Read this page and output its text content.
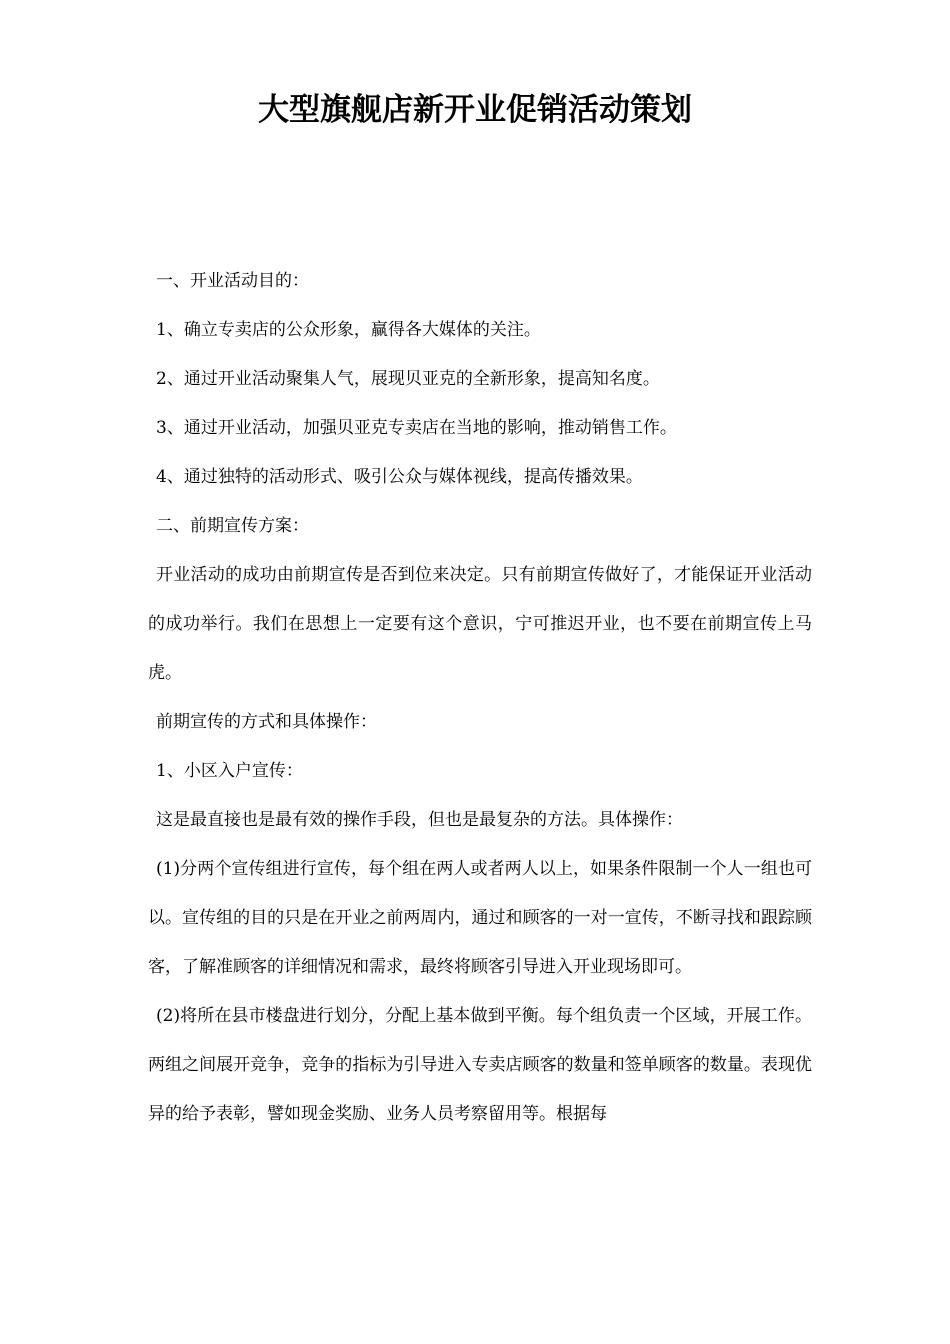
大型旗舰店新开业促销活动策划

一、开业活动目的：

1、确立专卖店的公众形象，赢得各大媒体的关注。

2、通过开业活动聚集人气，展现贝亚克的全新形象，提高知名度。

3、通过开业活动，加强贝亚克专卖店在当地的影响，推动销售工作。

4、通过独特的活动形式、吸引公众与媒体视线，提高传播效果。

二、前期宣传方案：

开业活动的成功由前期宣传是否到位来决定。只有前期宣传做好了，才能保证开业活动的成功举行。我们在思想上一定要有这个意识，宁可推迟开业，也不要在前期宣传上马虎。

前期宣传的方式和具体操作：

1、小区入户宣传：

这是最直接也是最有效的操作手段，但也是最复杂的方法。具体操作：

(1)分两个宣传组进行宣传，每个组在两人或者两人以上，如果条件限制一个人一组也可以。宣传组的目的只是在开业之前两周内，通过和顾客的一对一宣传，不断寻找和跟踪顾客，了解准顾客的详细情况和需求，最终将顾客引导进入开业现场即可。

(2)将所在县市楼盘进行划分，分配上基本做到平衡。每个组负责一个区域，开展工作。两组之间展开竞争，竞争的指标为引导进入专卖店顾客的数量和签单顾客的数量。表现优异的给予表彰，譬如现金奖励、业务人员考察留用等。根据每
